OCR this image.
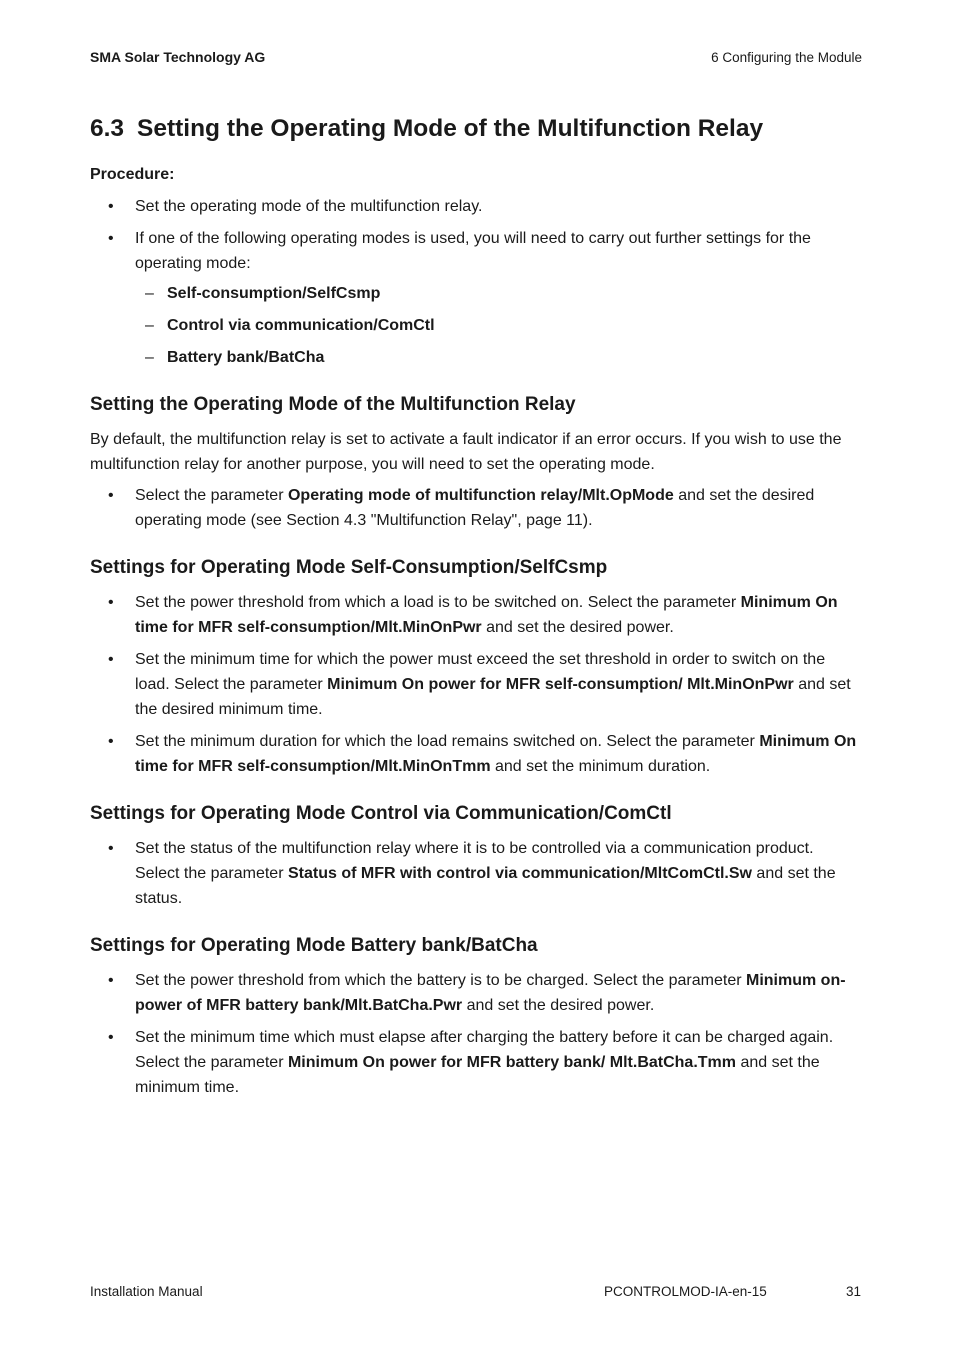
SMA Solar Technology AG	6 Configuring the Module
6.3 Setting the Operating Mode of the Multifunction Relay
Procedure:
• Set the operating mode of the multifunction relay.
• If one of the following operating modes is used, you will need to carry out further settings for the operating mode:
– Self-consumption/SelfCsmp
– Control via communication/ComCtl
– Battery bank/BatCha
Setting the Operating Mode of the Multifunction Relay

By default, the multifunction relay is set to activate a fault indicator if an error occurs. If you wish to use the multifunction relay for another purpose, you will need to set the operating mode.

• Select the parameter Operating mode of multifunction relay/Mlt.OpMode and set the desired operating mode (see Section 4.3 "Multifunction Relay", page 11).
Settings for Operating Mode Self-Consumption/SelfCsmp
• Set the power threshold from which a load is to be switched on. Select the parameter Minimum On time for MFR self-consumption/Mlt.MinOnPwr and set the desired power.
• Set the minimum time for which the power must exceed the set threshold in order to switch on the load. Select the parameter Minimum On power for MFR self-consumption/ Mlt.MinOnPwr and set the desired minimum time.
• Set the minimum duration for which the load remains switched on. Select the parameter Minimum On time for MFR self-consumption/Mlt.MinOnTmm and set the minimum duration.
Settings for Operating Mode Control via Communication/ComCtl
• Set the status of the multifunction relay where it is to be controlled via a communication product. Select the parameter Status of MFR with control via communication/MltComCtl.Sw and set the status.
Settings for Operating Mode Battery bank/BatCha
• Set the power threshold from which the battery is to be charged. Select the parameter Minimum on-power of MFR battery bank/Mlt.BatCha.Pwr and set the desired power.
• Set the minimum time which must elapse after charging the battery before it can be charged again. Select the parameter Minimum On power for MFR battery bank/ Mlt.BatCha.Tmm and set the minimum time.
Installation Manual	PCONTROLMOD-IA-en-15	31
